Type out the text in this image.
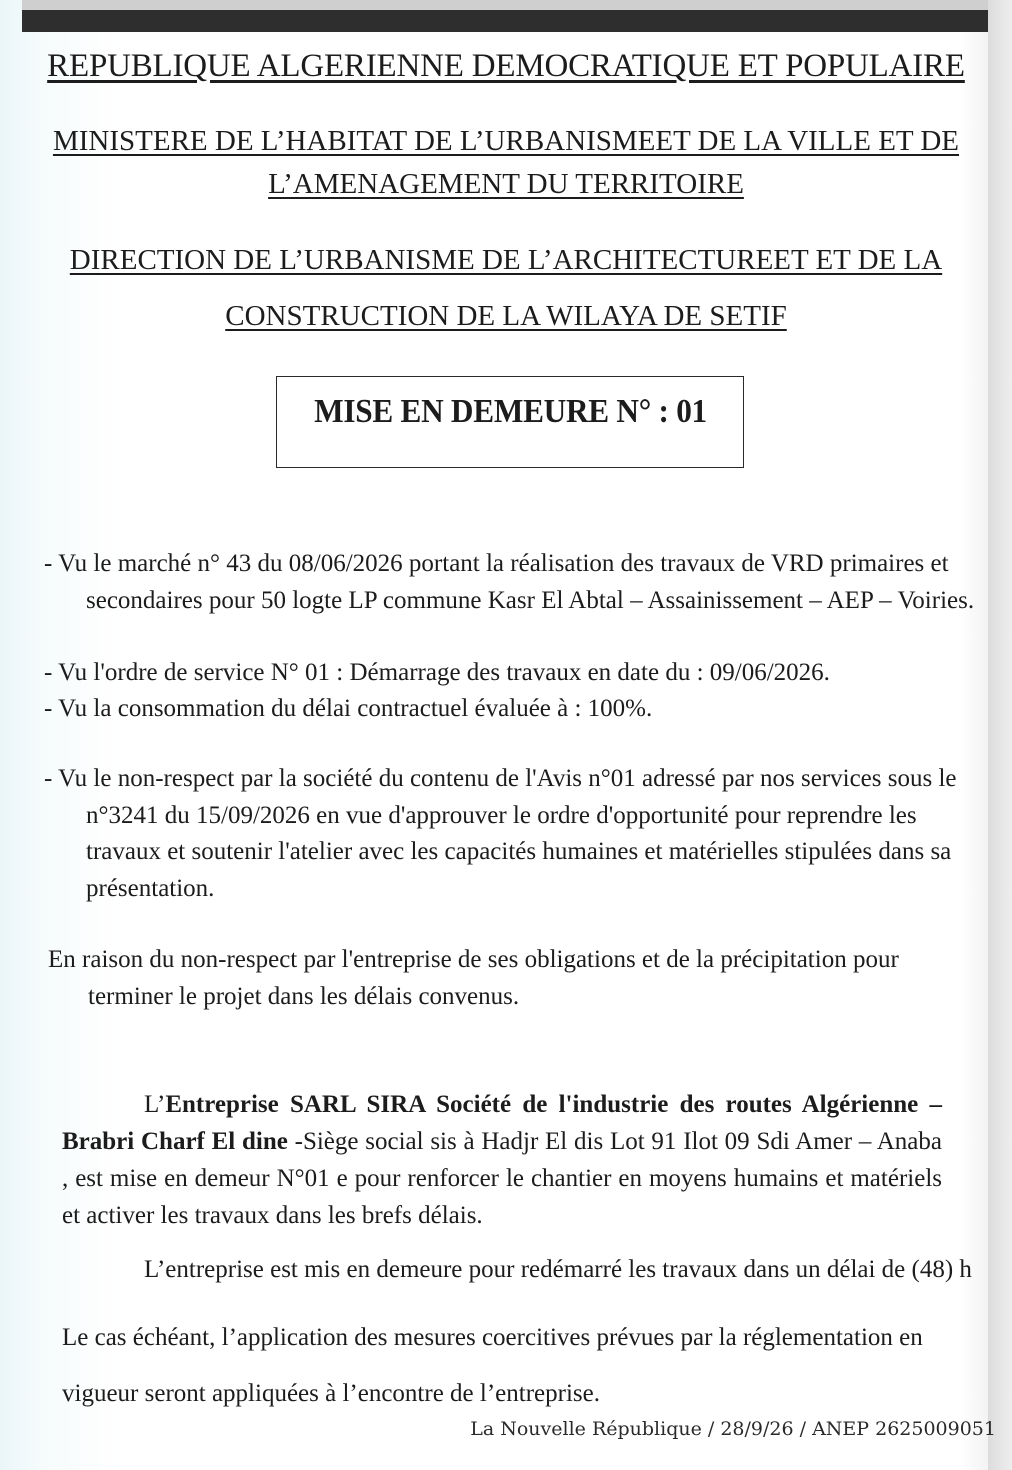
REPUBLIQUE ALGERIENNE DEMOCRATIQUE ET POPULAIRE
MINISTERE DE L’HABITAT DE L’URBANISMEET DE LA VILLE ET DE
L’AMENAGEMENT DU TERRITOIRE
DIRECTION DE L’URBANISME DE L’ARCHITECTUREET ET DE LA
CONSTRUCTION DE LA WILAYA DE SETIF
MISE EN DEMEURE N° : 01
- Vu le marché n° 43 du 08/06/2026 portant la réalisation des travaux de VRD primaires et secondaires pour 50 logte LP commune Kasr El Abtal – Assainissement – AEP – Voiries.
- Vu l'ordre de service N° 01 : Démarrage des travaux en date du : 09/06/2026.
- Vu la consommation du délai contractuel évaluée à : 100%.
- Vu le non-respect par la société du contenu de l'Avis n°01 adressé par nos services sous le n°3241 du 15/09/2026 en vue d'approuver le ordre d'opportunité pour reprendre les travaux et soutenir l'atelier avec les capacités humaines et matérielles stipulées dans sa présentation.
En raison du non-respect par l'entreprise de ses obligations et de la précipitation pour terminer le projet dans les délais convenus.
L’Entreprise SARL SIRA Société de l'industrie des routes Algérienne – Brabri Charf El dine -Siège social sis à Hadjr El dis Lot 91 Ilot 09 Sdi Amer – Anaba , est mise en demeur N°01 e pour renforcer le chantier en moyens humains et matériels et activer les travaux dans les brefs délais.
L’entreprise est mis en demeure pour redémarré les travaux dans un délai de (48) h
Le cas échéant, l’application des mesures coercitives prévues par la réglementation en vigueur seront appliquées à l’encontre de l’entreprise.
La Nouvelle République / 28/9/26 / ANEP 2625009051
